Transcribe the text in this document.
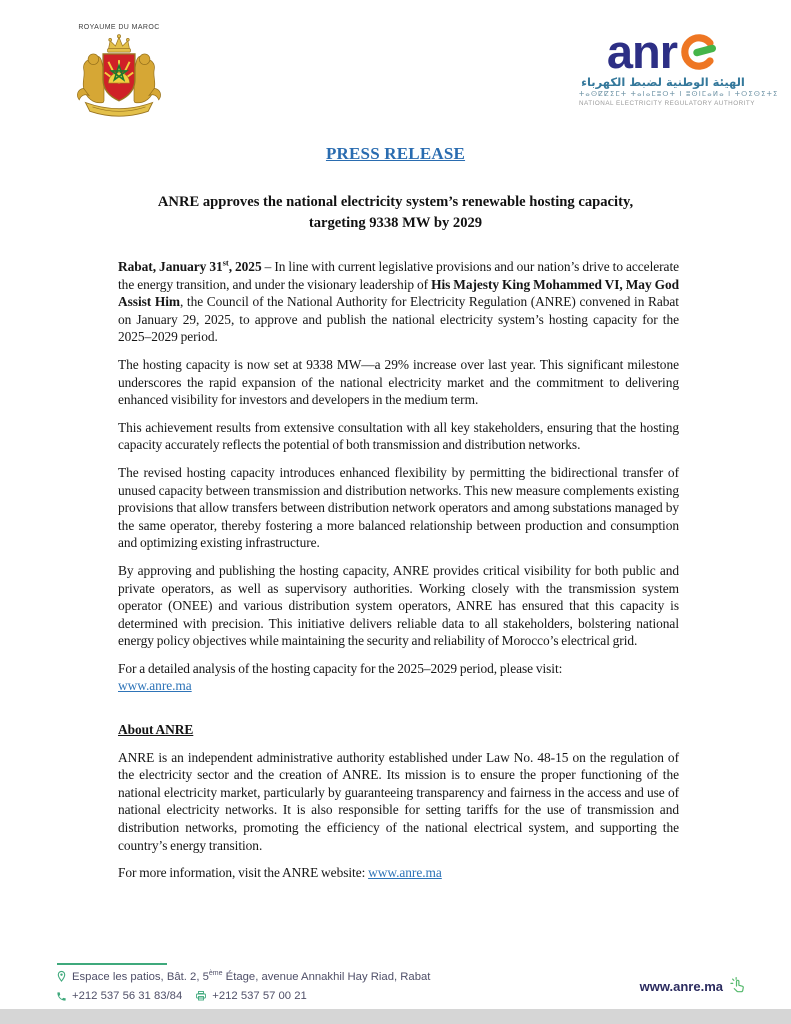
ROYAUME DU MAROC	anr
الهيئة الوطنية لضبط الكهرباء
ⵜⴰⵙⵇⵇⵉⵎⵜ ⵜⴰⵏⴰⵎⵓⵔⵜ ⵏ ⵓⵙⵏⵎⴰⵍⴰ ⵏ ⵜⵔⵉⵙⵉⵜⵉ
NATIONAL ELECTRICITY REGULATORY AUTHORITY
PRESS RELEASE
ANRE approves the national electricity system’s renewable hosting capacity,
targeting 9338 MW by 2029

Rabat, January 31st, 2025 – In line with current legislative provisions and our nation’s drive to accelerate the energy transition, and under the visionary leadership of His Majesty King Mohammed VI, May God Assist Him, the Council of the National Authority for Electricity Regulation (ANRE) convened in Rabat on January 29, 2025, to approve and publish the national electricity system’s hosting capacity for the 2025–2029 period.

The hosting capacity is now set at 9338 MW—a 29% increase over last year. This significant milestone underscores the rapid expansion of the national electricity market and the commitment to delivering enhanced visibility for investors and developers in the medium term.

This achievement results from extensive consultation with all key stakeholders, ensuring that the hosting capacity accurately reflects the potential of both transmission and distribution networks.

The revised hosting capacity introduces enhanced flexibility by permitting the bidirectional transfer of unused capacity between transmission and distribution networks. This new measure complements existing provisions that allow transfers between distribution network operators and among substations managed by the same operator, thereby fostering a more balanced relationship between production and consumption and optimizing existing infrastructure.

By approving and publishing the hosting capacity, ANRE provides critical visibility for both public and private operators, as well as supervisory authorities. Working closely with the transmission system operator (ONEE) and various distribution system operators, ANRE has ensured that this capacity is determined with precision. This initiative delivers reliable data to all stakeholders, bolstering national energy policy objectives while maintaining the security and reliability of Morocco’s electrical grid.

For a detailed analysis of the hosting capacity for the 2025–2029 period, please visit:
www.anre.ma

About ANRE

ANRE is an independent administrative authority established under Law No. 48-15 on the regulation of the electricity sector and the creation of ANRE. Its mission is to ensure the proper functioning of the national electricity market, particularly by guaranteeing transparency and fairness in the access and use of national electricity networks. It is also responsible for setting tariffs for the use of transmission and distribution networks, promoting the efficiency of the national electrical system, and supporting the country’s energy transition.

For more information, visit the ANRE website: www.anre.ma

Espace les patios, Bât. 2, 5ème Étage, avenue Annakhil Hay Riad, Rabat
+212 537 56 31 83/84	+212 537 57 00 21
www.anre.ma
